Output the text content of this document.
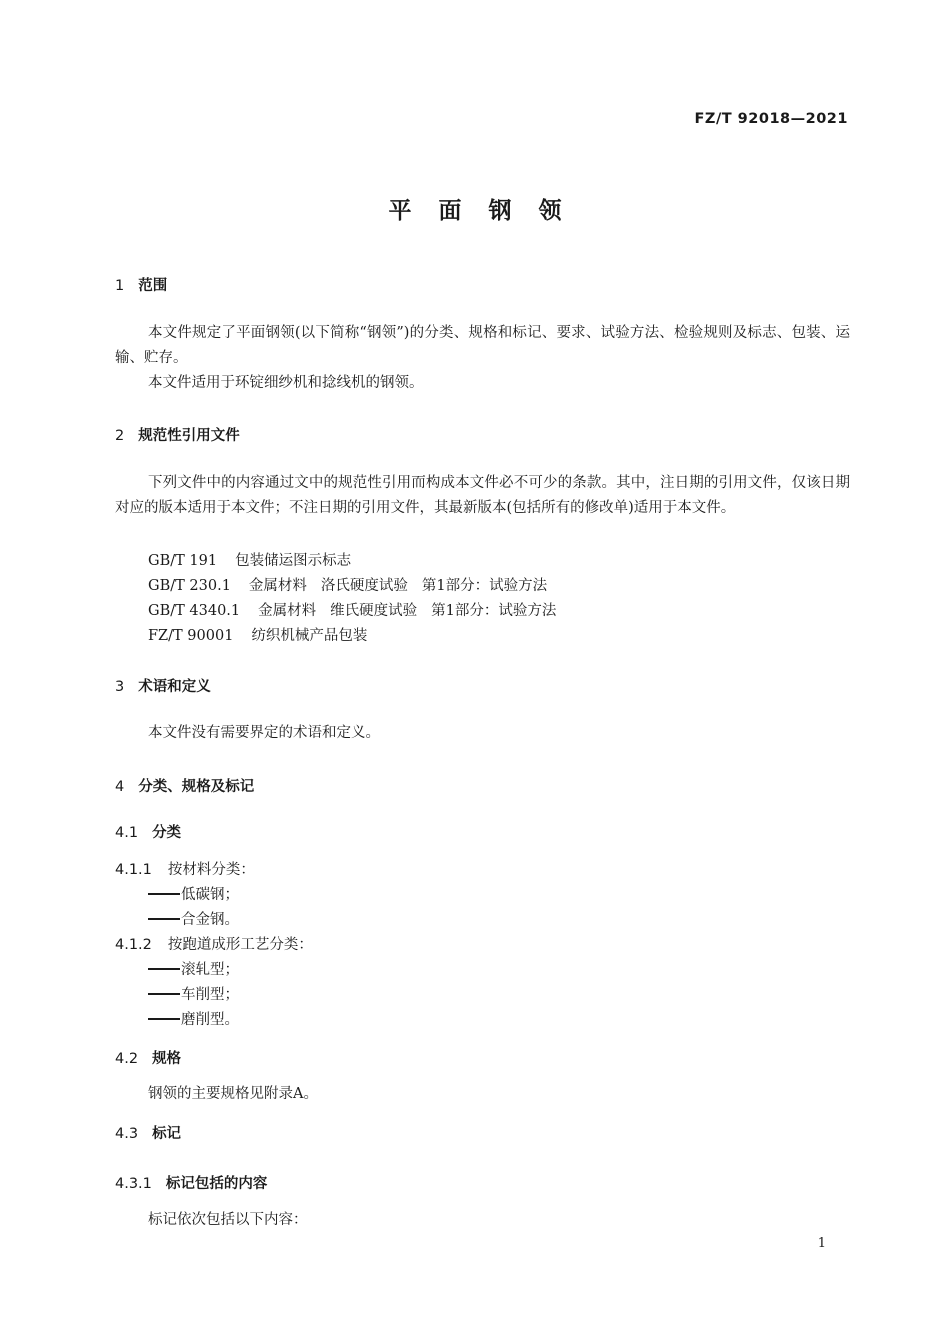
FZ/T 92018—2021
平面钢领
1 范围
本文件规定了平面钢领(以下简称“钢领”)的分类、规格和标记、要求、试验方法、检验规则及标志、包装、运输、贮存。
本文件适用于环锭细纱机和捻线机的钢领。
2 规范性引用文件
下列文件中的内容通过文中的规范性引用而构成本文件必不可少的条款。其中，注日期的引用文件，仅该日期对应的版本适用于本文件；不注日期的引用文件，其最新版本(包括所有的修改单)适用于本文件。
GB/T 191 包装储运图示标志
GB/T 230.1 金属材料 洛氏硬度试验 第1部分：试验方法
GB/T 4340.1 金属材料 维氏硬度试验 第1部分：试验方法
FZ/T 90001 纺织机械产品包装
3 术语和定义
本文件没有需要界定的术语和定义。
4 分类、规格及标记
4.1 分类
4.1.1 按材料分类：
低碳钢；
合金钢。
4.1.2 按跑道成形工艺分类：
滚轧型；
车削型；
磨削型。
4.2 规格
钢领的主要规格见附录A。
4.3 标记
4.3.1 标记包括的内容
标记依次包括以下内容：
1
